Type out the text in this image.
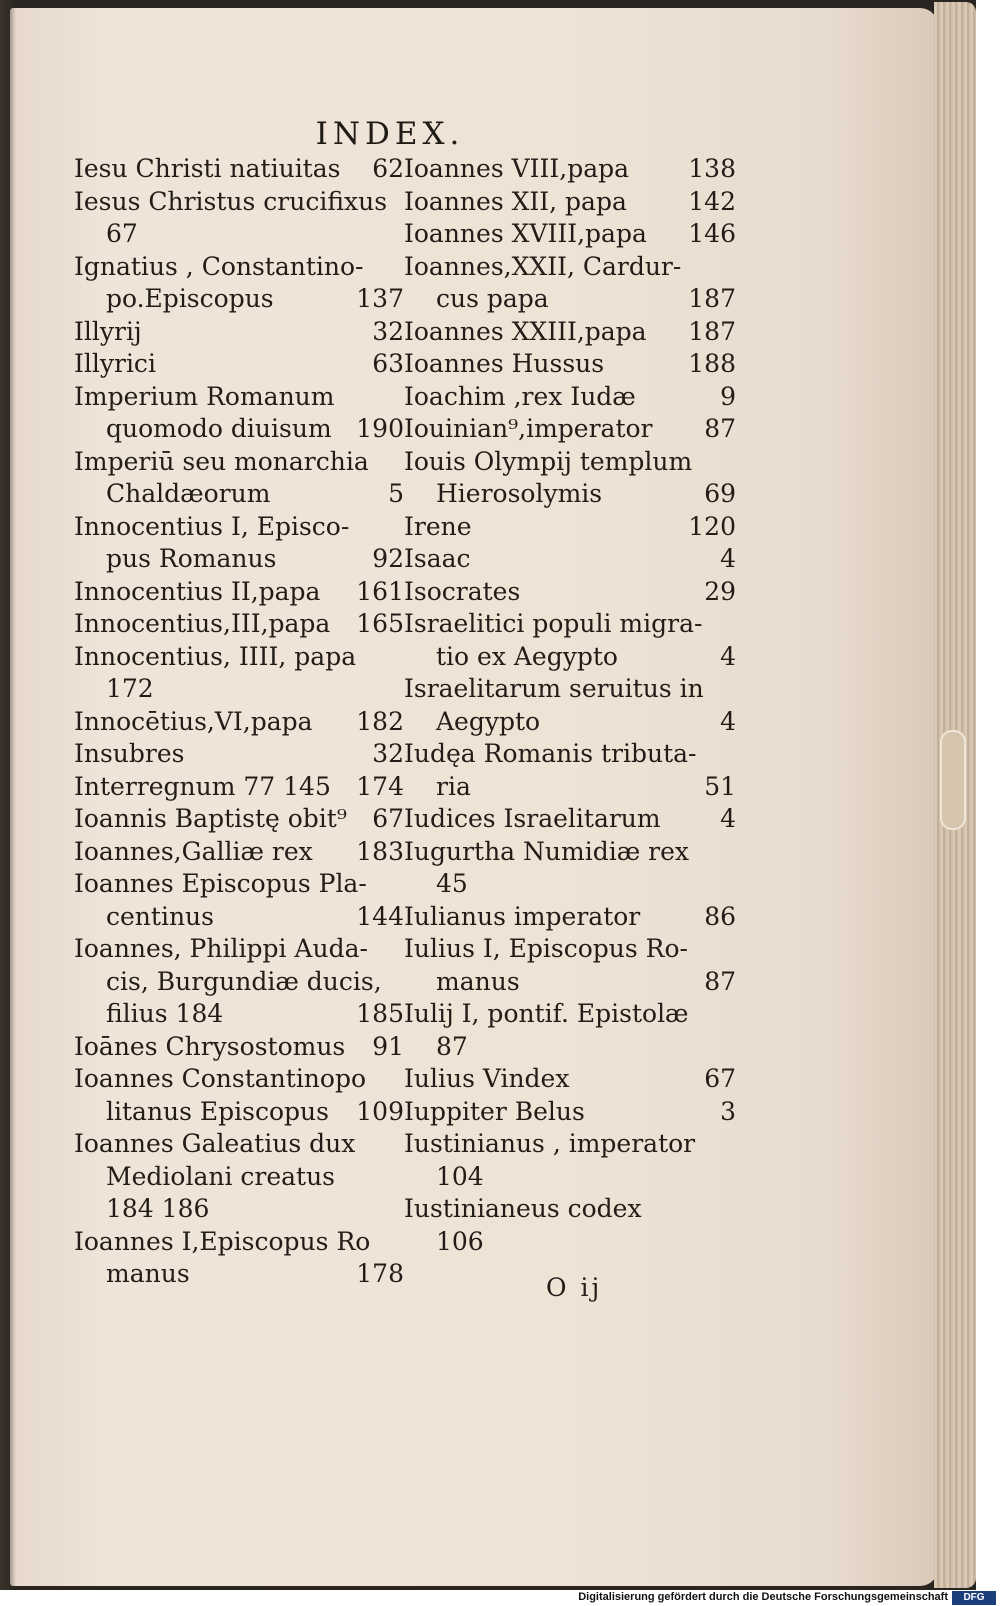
INDEX.
Iesu Christi natiuitas 62
Iesus Christus crucifixus
67
Ignatius , Constantino-
po.Episcopus	137
Illyrij	32
Illyrici	63
Imperium Romanum
quomodo diuisum 190
Imperiū seu monarchia
Chaldæorum	5
Innocentius I, Episco-
pus Romanus	92
Innocentius II,papa 161
Innocentius,III,papa 165
Innocentius, IIII, papa
172
Innocētius,VI,papa 182
Insubres	32
Interregnum 77 145 174
Ioannis Baptistę obit⁹ 67
Ioannes,Galliæ rex 183
Ioannes Episcopus Pla-
centinus	144
Ioannes, Philippi Auda-
cis, Burgundiæ ducis,
filius 184	185
Ioānes Chrysostomus 91
Ioannes Constantinopo
litanus Episcopus 109
Ioannes Galeatius dux
Mediolani creatus
184 186
Ioannes I,Episcopus Ro
manus	178
Ioannes VIII,papa 138
Ioannes XII, papa 142
Ioannes XVIII,papa 146
Ioannes,XXII, Cardur-
cus papa	187
Ioannes XXIII,papa 187
Ioannes Hussus	188
Ioachim ,rex Iudæ	9
Iouinian⁹,imperator 87
Iouis Olympij templum
Hierosolymis	69
Irene	120
Isaac	4
Isocrates	29
Israelitici populi migra-
tio ex Aegypto	4
Israelitarum seruitus in
Aegypto	4
Iudęa Romanis tributa-
ria	51
Iudices Israelitarum 4
Iugurtha Numidiæ rex
45
Iulianus imperator	86
Iulius I, Episcopus Ro-
manus	87
Iulij I, pontif. Epistolæ
87
Iulius Vindex	67
Iuppiter Belus	3
Iustinianus , imperator
104
Iustinianeus codex
106
O ij
Digitalisierung gefördert durch die Deutsche Forschungsgemeinschaft	DFG
